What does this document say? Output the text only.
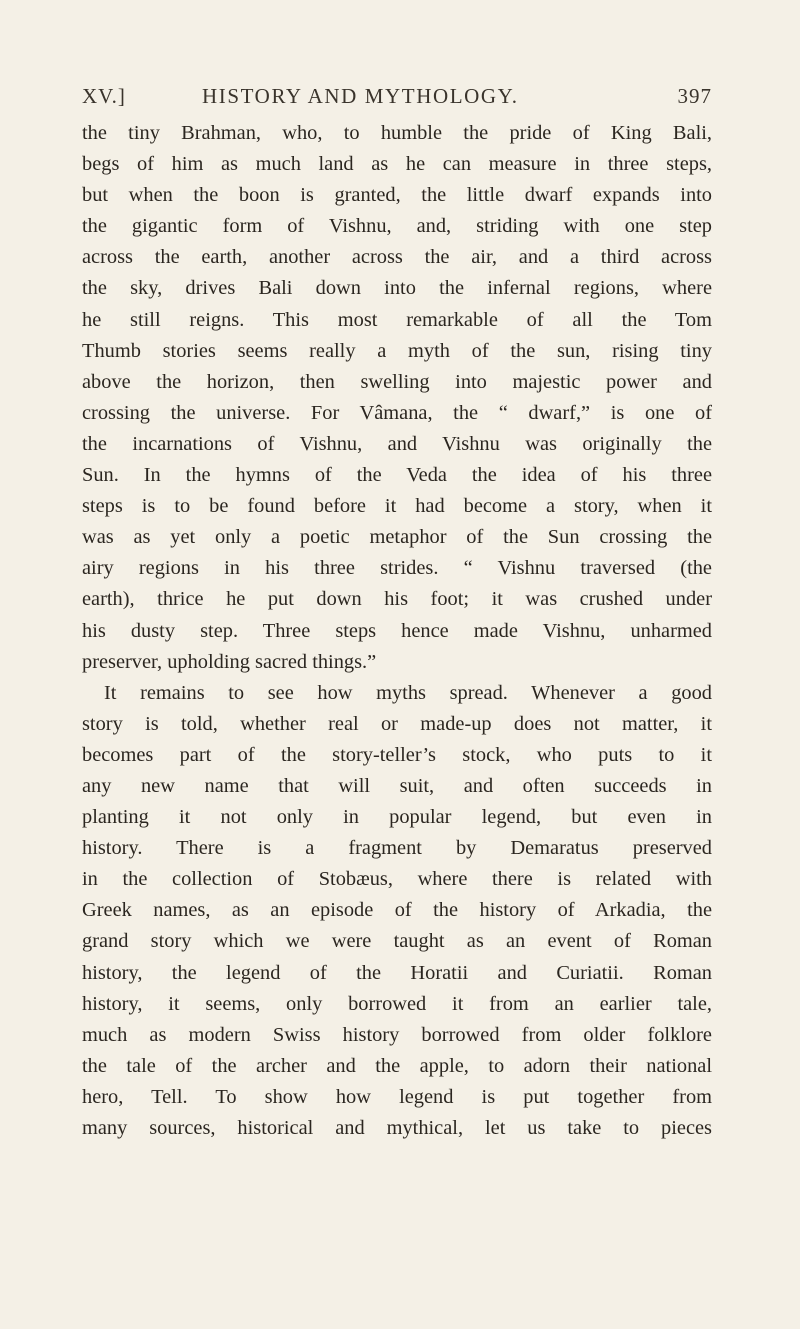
XV.]	HISTORY AND MYTHOLOGY.	397
the tiny Brahman, who, to humble the pride of King Bali,
begs of him as much land as he can measure in three steps,
but when the boon is granted, the little dwarf expands into
the gigantic form of Vishnu, and, striding with one step
across the earth, another across the air, and a third across
the sky, drives Bali down into the infernal regions, where
he still reigns. This most remarkable of all the Tom
Thumb stories seems really a myth of the sun, rising tiny
above the horizon, then swelling into majestic power and
crossing the universe. For Vâmana, the “ dwarf,” is one of
the incarnations of Vishnu, and Vishnu was originally the
Sun. In the hymns of the Veda the idea of his three
steps is to be found before it had become a story, when it
was as yet only a poetic metaphor of the Sun crossing the
airy regions in his three strides. “ Vishnu traversed (the
earth), thrice he put down his foot; it was crushed under
his dusty step. Three steps hence made Vishnu, unharmed
preserver, upholding sacred things.”
It remains to see how myths spread. Whenever a good
story is told, whether real or made-up does not matter, it
becomes part of the story-teller’s stock, who puts to it
any new name that will suit, and often succeeds in
planting it not only in popular legend, but even in
history. There is a fragment by Demaratus preserved
in the collection of Stobæus, where there is related with
Greek names, as an episode of the history of Arkadia, the
grand story which we were taught as an event of Roman
history, the legend of the Horatii and Curiatii. Roman
history, it seems, only borrowed it from an earlier tale,
much as modern Swiss history borrowed from older folklore
the tale of the archer and the apple, to adorn their national
hero, Tell. To show how legend is put together from
many sources, historical and mythical, let us take to pieces
